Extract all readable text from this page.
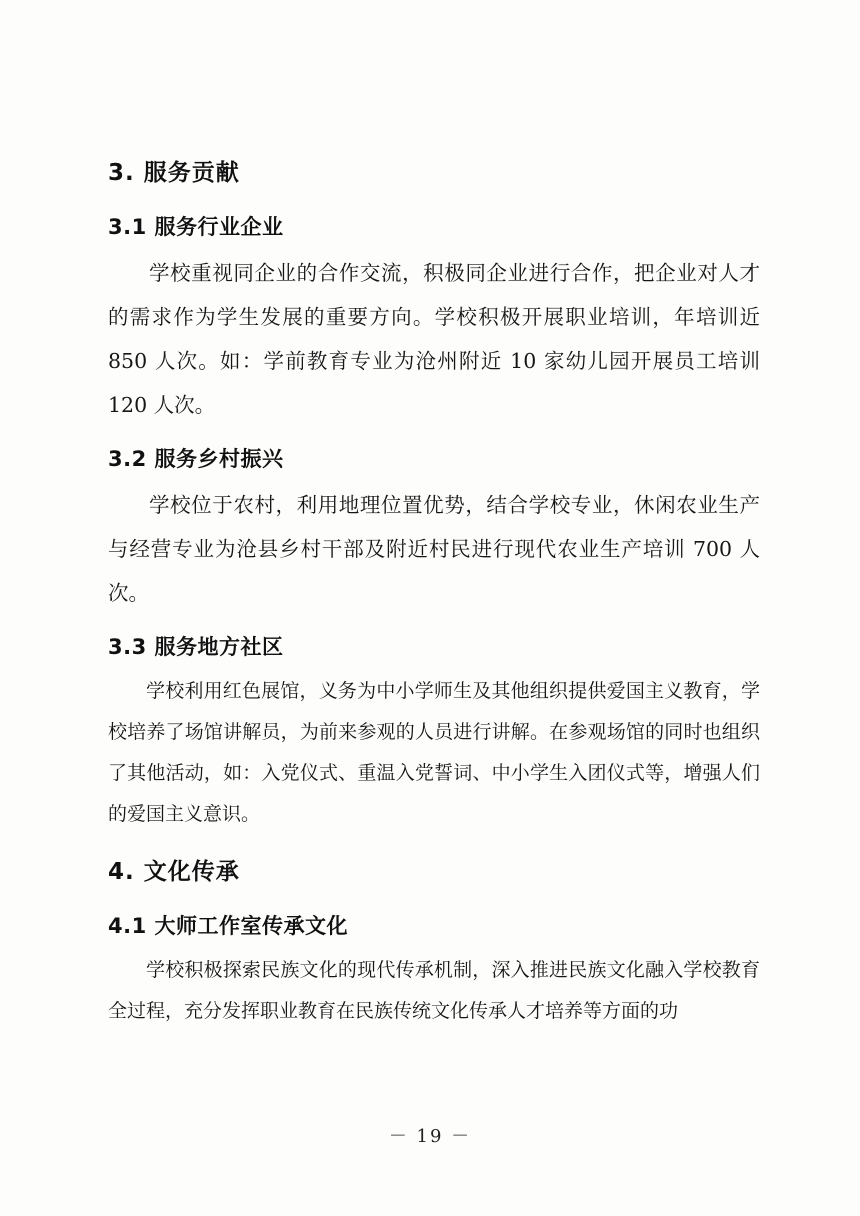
3. 服务贡献
3.1 服务行业企业

学校重视同企业的合作交流，积极同企业进行合作，把企业对人才的需求作为学生发展的重要方向。学校积极开展职业培训，年培训近 850 人次。如：学前教育专业为沧州附近 10 家幼儿园开展员工培训 120 人次。

3.2 服务乡村振兴

学校位于农村，利用地理位置优势，结合学校专业，休闲农业生产与经营专业为沧县乡村干部及附近村民进行现代农业生产培训 700 人次。

3.3 服务地方社区

学校利用红色展馆，义务为中小学师生及其他组织提供爱国主义教育，学校培养了场馆讲解员，为前来参观的人员进行讲解。在参观场馆的同时也组织了其他活动，如：入党仪式、重温入党誓词、中小学生入团仪式等，增强人们的爱国主义意识。

4. 文化传承
4.1 大师工作室传承文化

学校积极探索民族文化的现代传承机制，深入推进民族文化融入学校教育全过程，充分发挥职业教育在民族传统文化传承人才培养等方面的功

－ 19 －
